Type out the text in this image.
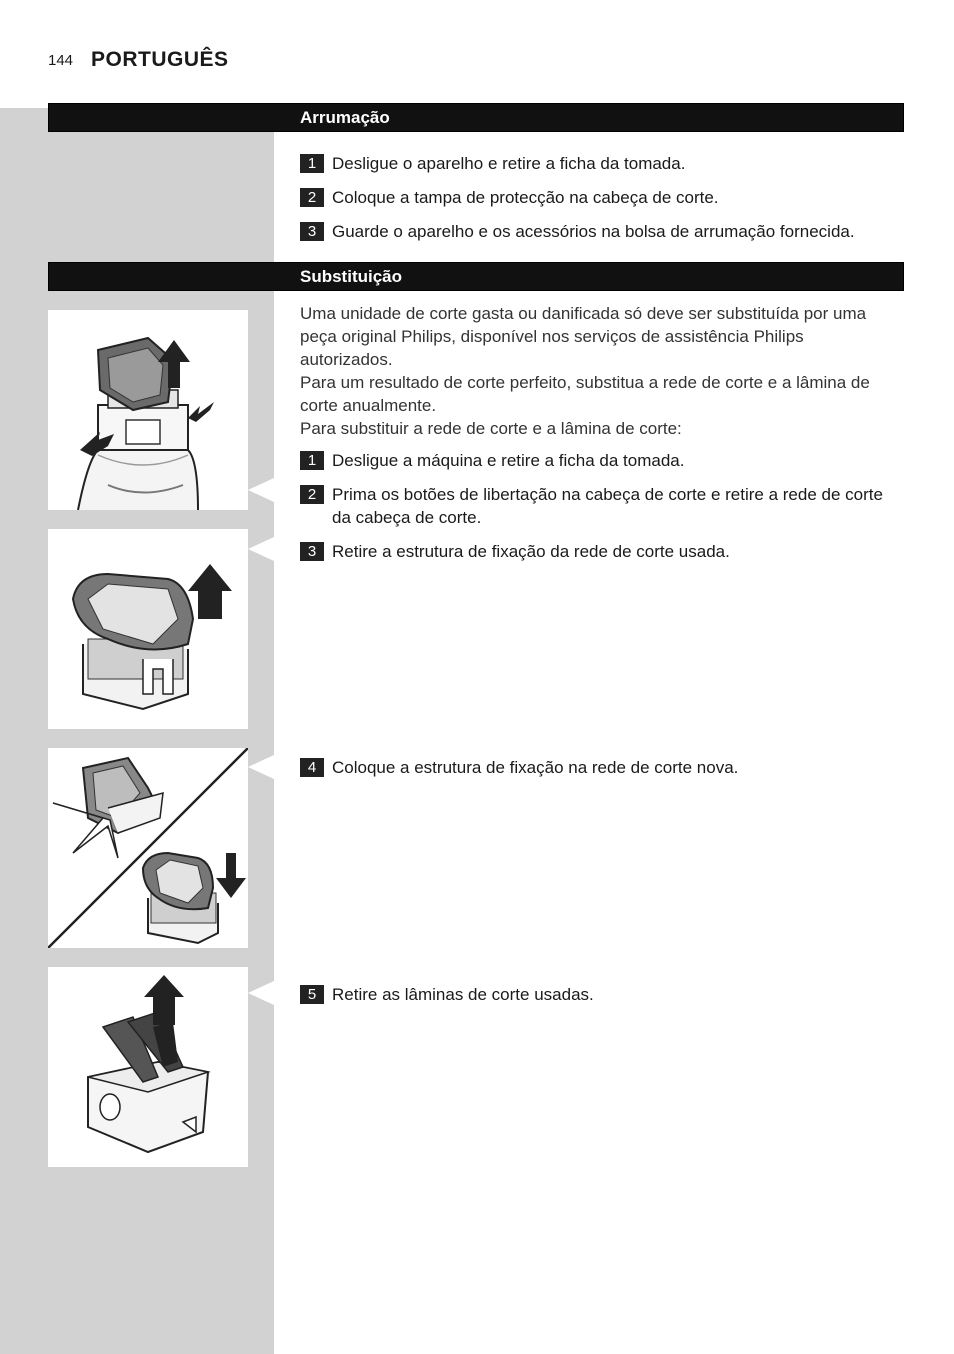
144 PORTUGUÊS
Arrumação
1 Desligue o aparelho e retire a ficha da tomada.
2 Coloque a tampa de protecção na cabeça de corte.
3 Guarde o aparelho e os acessórios na bolsa de arrumação fornecida.
Substituição

Uma unidade de corte gasta ou danificada só deve ser substituída por uma peça original Philips, disponível nos serviços de assistência Philips autorizados.

Para um resultado de corte perfeito, substitua a rede de corte e a lâmina de corte anualmente.

Para substituir a rede de corte e a lâmina de corte:

1 Desligue a máquina e retire a ficha da tomada.
2 Prima os botões de libertação na cabeça de corte e retire a rede de corte da cabeça de corte.
3 Retire a estrutura de fixação da rede de corte usada.
4 Coloque a estrutura de fixação na rede de corte nova.
5 Retire as lâminas de corte usadas.
